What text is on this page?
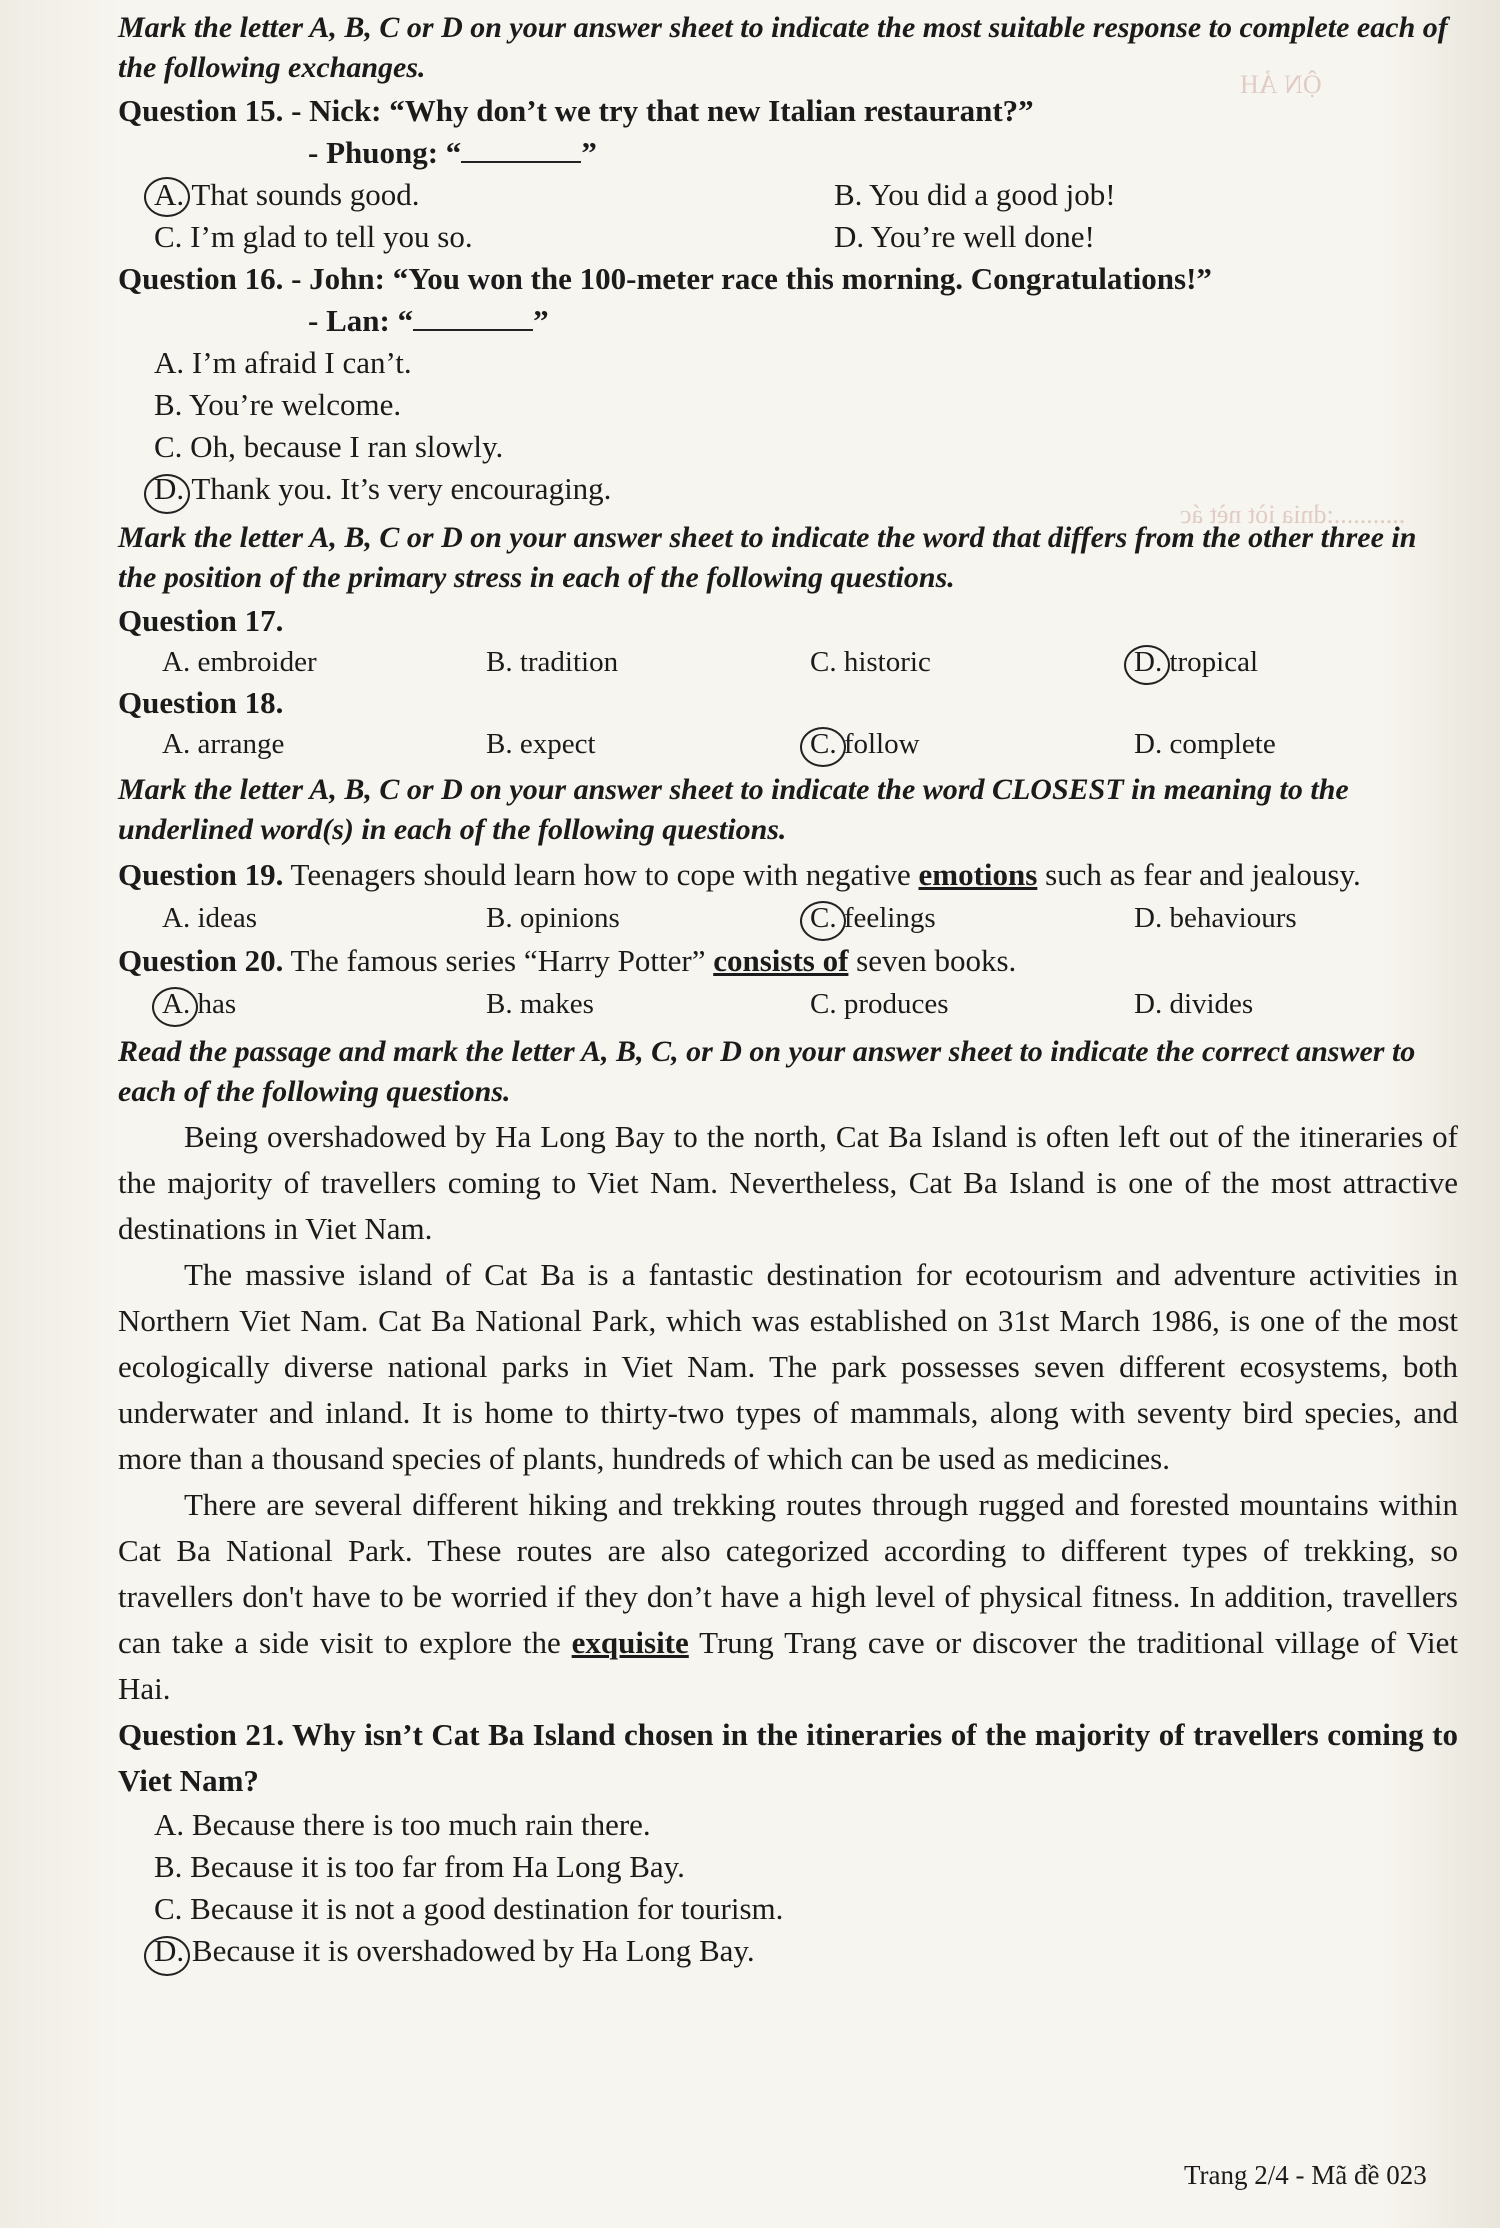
ỘN ẢH
...........:dnia iòt nèt ác

Mark the letter A, B, C or D on your answer sheet to indicate the most suitable response to complete each of the following exchanges.

Question 15. - Nick: “Why don’t we try that new Italian restaurant?”
- Phuong: “	”
A. That sounds good.	B. You did a good job!
C. I’m glad to tell you so.	D. You’re well done!
Question 16. - John: “You won the 100-meter race this morning. Congratulations!”
- Lan: “	”
A. I’m afraid I can’t.
B. You’re welcome.
C. Oh, because I ran slowly.
D. Thank you. It’s very encouraging.

Mark the letter A, B, C or D on your answer sheet to indicate the word that differs from the other three in the position of the primary stress in each of the following questions.

Question 17.
A. embroider	B. tradition	C. historic	D. tropical
Question 18.
A. arrange	B. expect	C. follow	D. complete

Mark the letter A, B, C or D on your answer sheet to indicate the word CLOSEST in meaning to the underlined word(s) in each of the following questions.

Question 19. Teenagers should learn how to cope with negative emotions such as fear and jealousy.

A. ideas	B. opinions	C. feelings	D. behaviours

Question 20. The famous series “Harry Potter” consists of seven books.

A. has	B. makes	C. produces	D. divides

Read the passage and mark the letter A, B, C, or D on your answer sheet to indicate the correct answer to each of the following questions.

Being overshadowed by Ha Long Bay to the north, Cat Ba Island is often left out of the itineraries of the majority of travellers coming to Viet Nam. Nevertheless, Cat Ba Island is one of the most attractive destinations in Viet Nam.

The massive island of Cat Ba is a fantastic destination for ecotourism and adventure activities in Northern Viet Nam. Cat Ba National Park, which was established on 31st March 1986, is one of the most ecologically diverse national parks in Viet Nam. The park possesses seven different ecosystems, both underwater and inland. It is home to thirty-two types of mammals, along with seventy bird species, and more than a thousand species of plants, hundreds of which can be used as medicines.

There are several different hiking and trekking routes through rugged and forested mountains within Cat Ba National Park. These routes are also categorized according to different types of trekking, so travellers don't have to be worried if they don’t have a high level of physical fitness. In addition, travellers can take a side visit to explore the exquisite Trung Trang cave or discover the traditional village of Viet Hai.

Question 21. Why isn’t Cat Ba Island chosen in the itineraries of the majority of travellers coming to Viet Nam?

A. Because there is too much rain there.
B. Because it is too far from Ha Long Bay.
C. Because it is not a good destination for tourism.
D. Because it is overshadowed by Ha Long Bay.
Trang 2/4 - Mã đề 023
